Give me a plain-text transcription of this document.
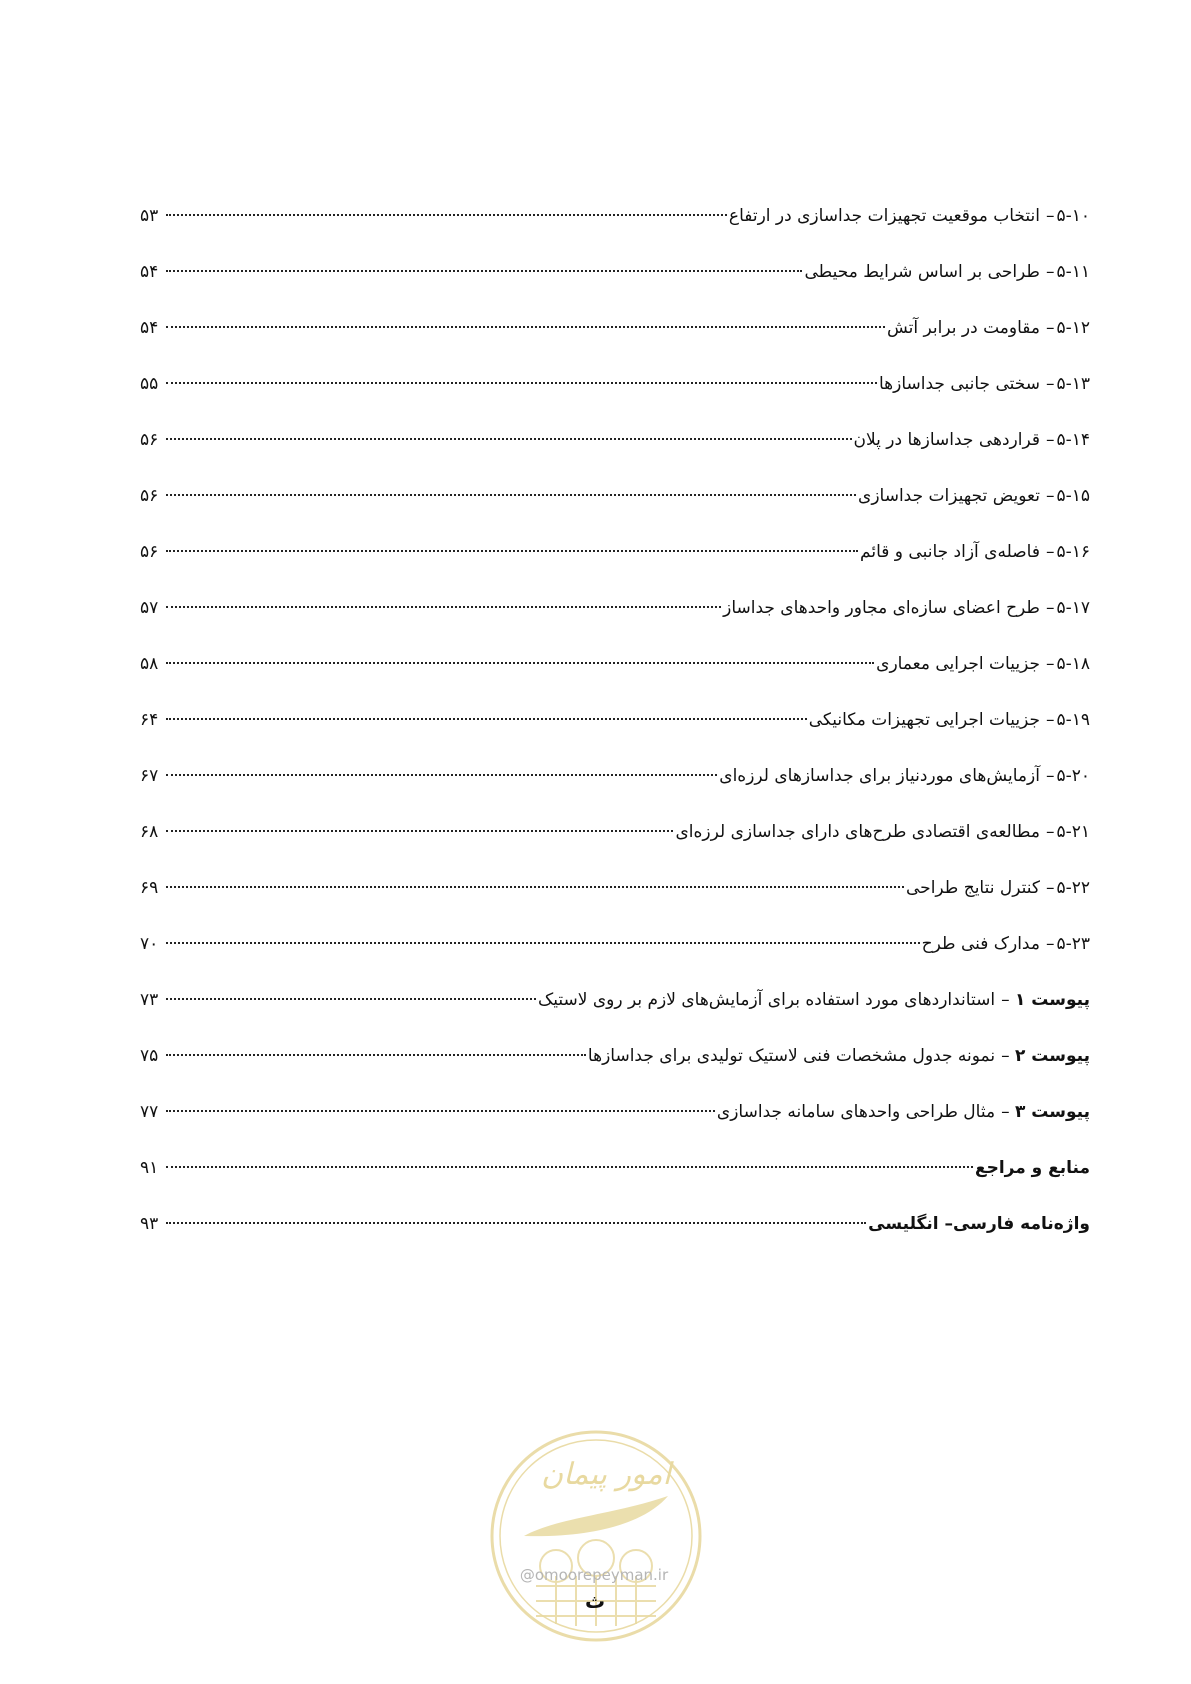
۵-۱۰
–
انتخاب موقعیت تجهیزات جداسازی در ارتفاع
۵۳
۵-۱۱
–
طراحی بر اساس شرایط محیطی
۵۴
۵-۱۲
–
مقاومت در برابر آتش
۵۴
۵-۱۳
–
سختی جانبی جداسازها
۵۵
۵-۱۴
–
قراردهی جداسازها در پلان
۵۶
۵-۱۵
–
تعویض تجهیزات جداسازی
۵۶
۵-۱۶
–
فاصله‌ی آزاد جانبی و قائم
۵۶
۵-۱۷
–
طرح اعضای سازه‌ای مجاور واحدهای جداساز
۵۷
۵-۱۸
–
جزییات اجرایی معماری
۵۸
۵-۱۹
–
جزییات اجرایی تجهیزات مکانیکی
۶۴
۵-۲۰
–
آزمایش‌های موردنیاز برای جداسازهای لرزه‌ای
۶۷
۵-۲۱
–
مطالعه‌ی اقتصادی طرح‌های دارای جداسازی لرزه‌ای
۶۸
۵-۲۲
–
کنترل نتایج طراحی
۶۹
۵-۲۳
–
مدارک فنی طرح
۷۰
پیوست ۱
–
استانداردهای مورد استفاده برای آزمایش‌های لازم بر روی لاستیک
۷۳
پیوست ۲
–
نمونه جدول مشخصات فنی لاستیک تولیدی برای جداسازها
۷۵
پیوست ۳
–
مثال طراحی واحدهای سامانه جداسازی
۷۷
منابع و مراجع
۹۱
واژه‌نامه فارسی
–
انگلیسی
۹۳
امور پیمان
@omoorepeyman.ir
ث
